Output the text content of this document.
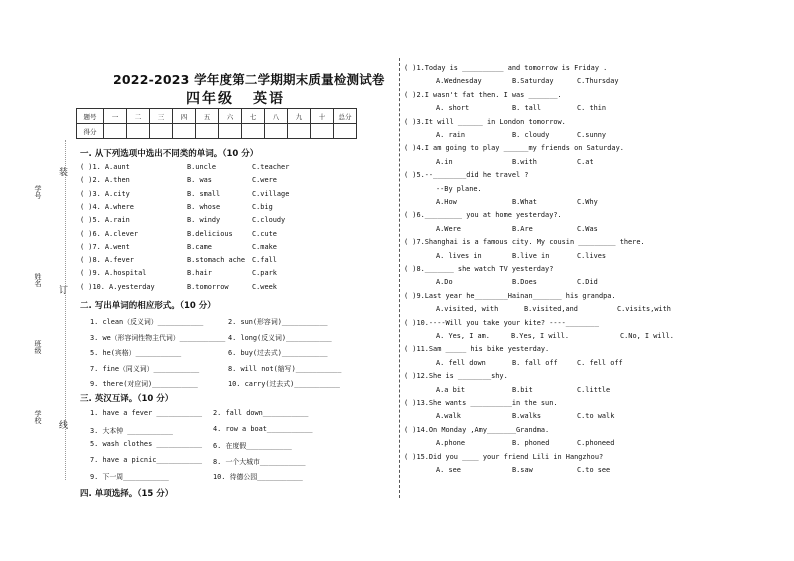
2022-2023 学年度第二学期期末质量检测试卷
四年级 英语
题号	一	二	三	四	五	六	七	八	九	十	总分
得分											
学号
姓名
班级
学校
装
订
线
一. 从下列选项中选出不同类的单词。（10 分）
( )1. A.aunt	B.uncle	C.teacher
( )2. A.then	B. was	C.were
( )3. A.city	B. small	C.village
( )4. A.where	B. whose	C.big
( )5. A.rain	B. windy	C.cloudy
( )6. A.clever	B.delicious	C.cute
( )7. A.went	B.came	C.make
( )8. A.fever	B.stomach ache C.fall
( )9. A.hospital	B.hair	C.park
( )10. A.yesterday	B.tomorrow	C.week
二. 写出单词的相应形式。（10 分）
1. clean（反义词）___________	2. sun(形容词)___________
3. we（形容词性物主代词）___________ 4. long(反义词)___________
5. he(宾格）___________	6. buy(过去式)___________
7. fine（同义词）___________	8. will not(缩写)___________
9. there(对应词)___________	10. carry(过去式)___________
三. 英汉互译。（10 分）
1. have a fever ___________ 2. fall down___________
3. 大本钟 ___________	4. row a boat___________
5. wash clothes ___________ 6. 在度假___________
7. have a picnic___________ 8. 一个大城市___________
9. 下一周___________	10. 待德公园___________
四. 单项选择。（15 分）
( )1.Today is __________ and tomorrow is Friday .
A.Wednesday	B.Saturday	C.Thursday
( )2.I wasn't fat then. I was _______.
A. short	B. tall	C. thin
( )3.It will ______ in London tomorrow.
A. rain	B. cloudy	C.sunny
( )4.I am going to play ______my friends on Saturday.
A.in	B.with	C.at
( )5.--________did he travel ?
--By plane.
A.How	B.What	C.Why
( )6._________ you at home yesterday?.
A.Were	B.Are	C.Was
( )7.Shanghai is a famous city. My cousin _________ there.
A. lives in	B.live in	C.lives
( )8._______ she watch TV yesterday?
A.Do	B.Does	C.Did
( )9.Last year he________Hainan_______ his grandpa.
A.visited, with	B.visited,and	C.visits,with
( )10.----Will you take your kite? ----________
A. Yes, I am.	B.Yes, I will.	C.No, I will.
( )11.Sam _____ his bike yesterday.
A. fell down	B. fall off	C. fell off
( )12.She is ________shy.
A.a bit	B.bit	C.little
( )13.She wants __________in the sun.
A.walk	B.walks	C.to walk
( )14.On Monday ,Amy_______Grandma.
A.phone	B. phoned	C.phoneed
( )15.Did you ____ your friend Lili in Hangzhou?
A. see	B.saw	C.to see
